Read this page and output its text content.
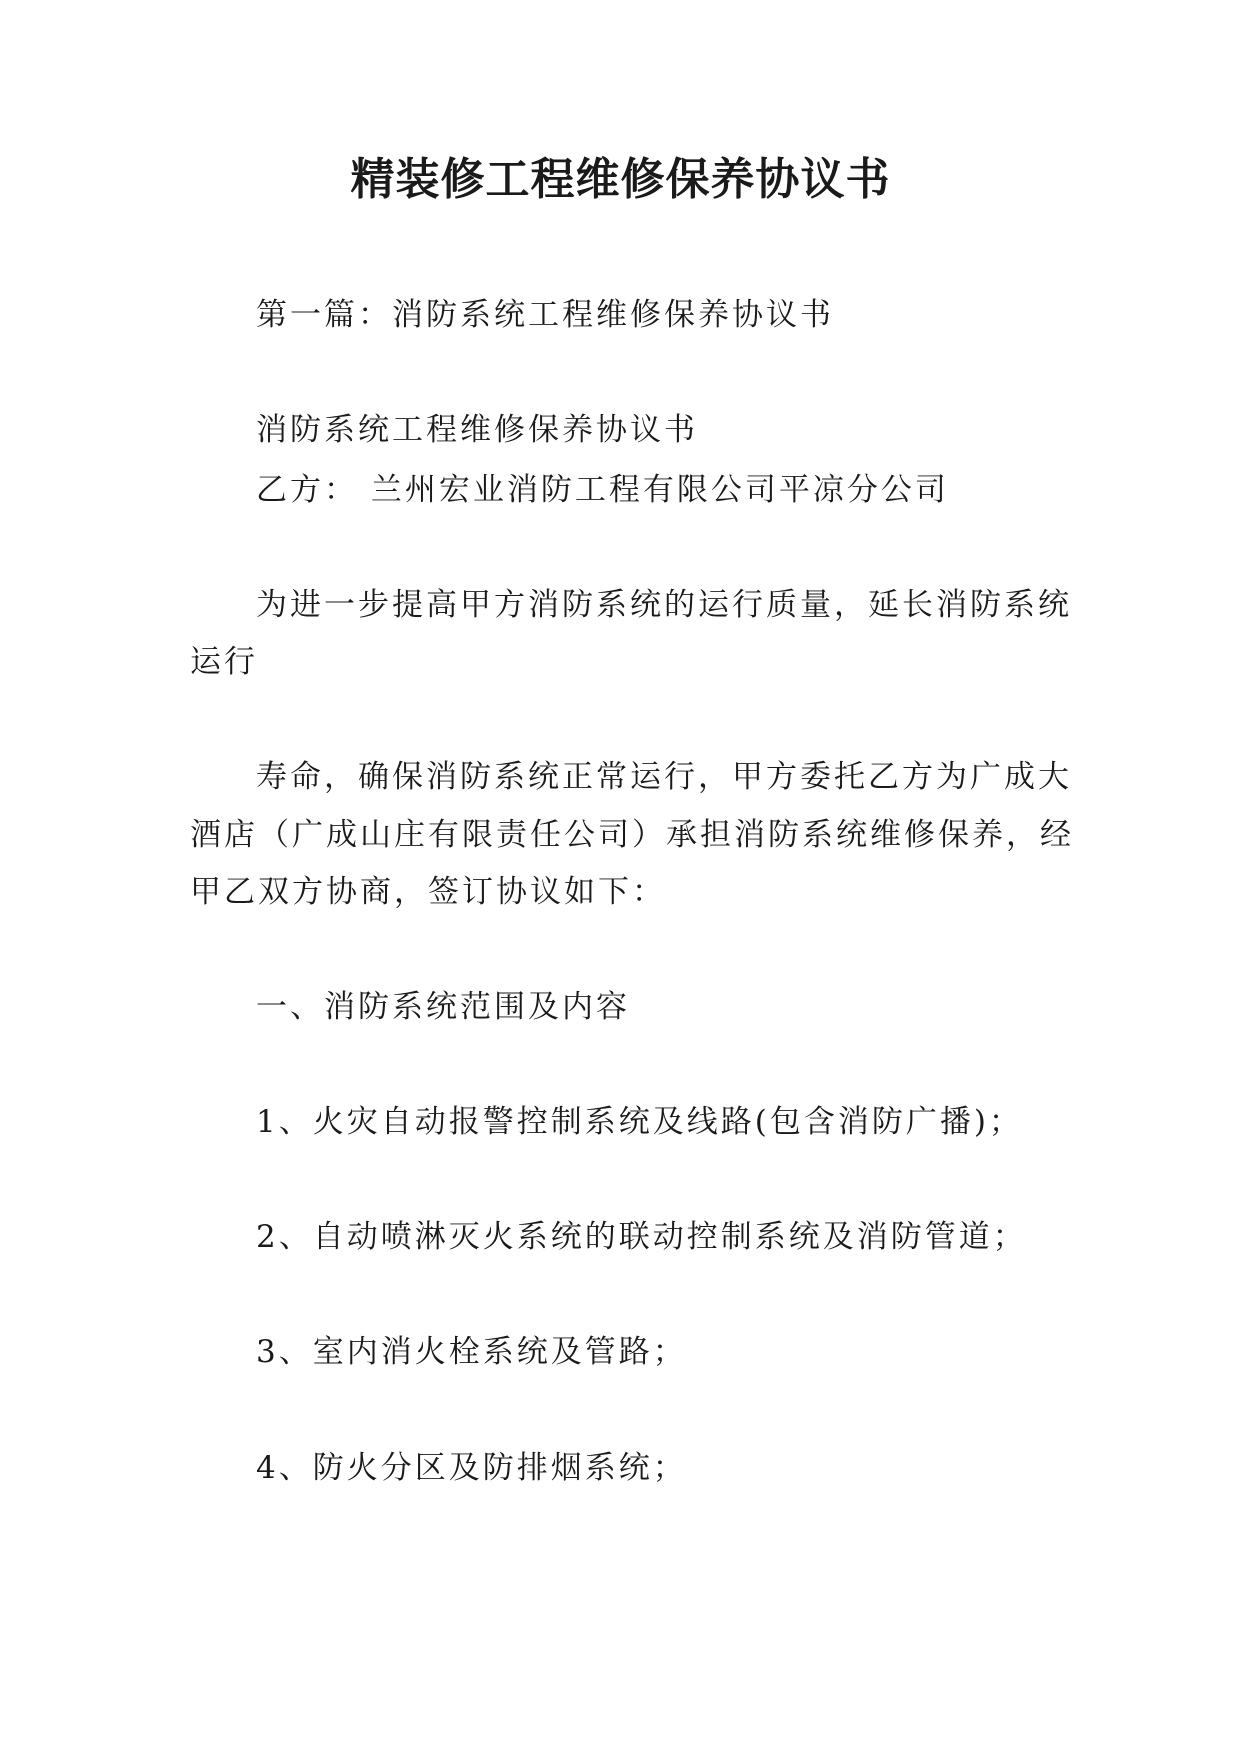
精装修工程维修保养协议书
第一篇：消防系统工程维修保养协议书
消防系统工程维修保养协议书
乙方： 兰州宏业消防工程有限公司平凉分公司
为进一步提高甲方消防系统的运行质量，延长消防系统
运行
寿命，确保消防系统正常运行，甲方委托乙方为广成大
酒店（广成山庄有限责任公司）承担消防系统维修保养，经
甲乙双方协商，签订协议如下：
一、消防系统范围及内容
1、火灾自动报警控制系统及线路(包含消防广播)；
2、自动喷淋灭火系统的联动控制系统及消防管道；
3、室内消火栓系统及管路；
4、防火分区及防排烟系统；
